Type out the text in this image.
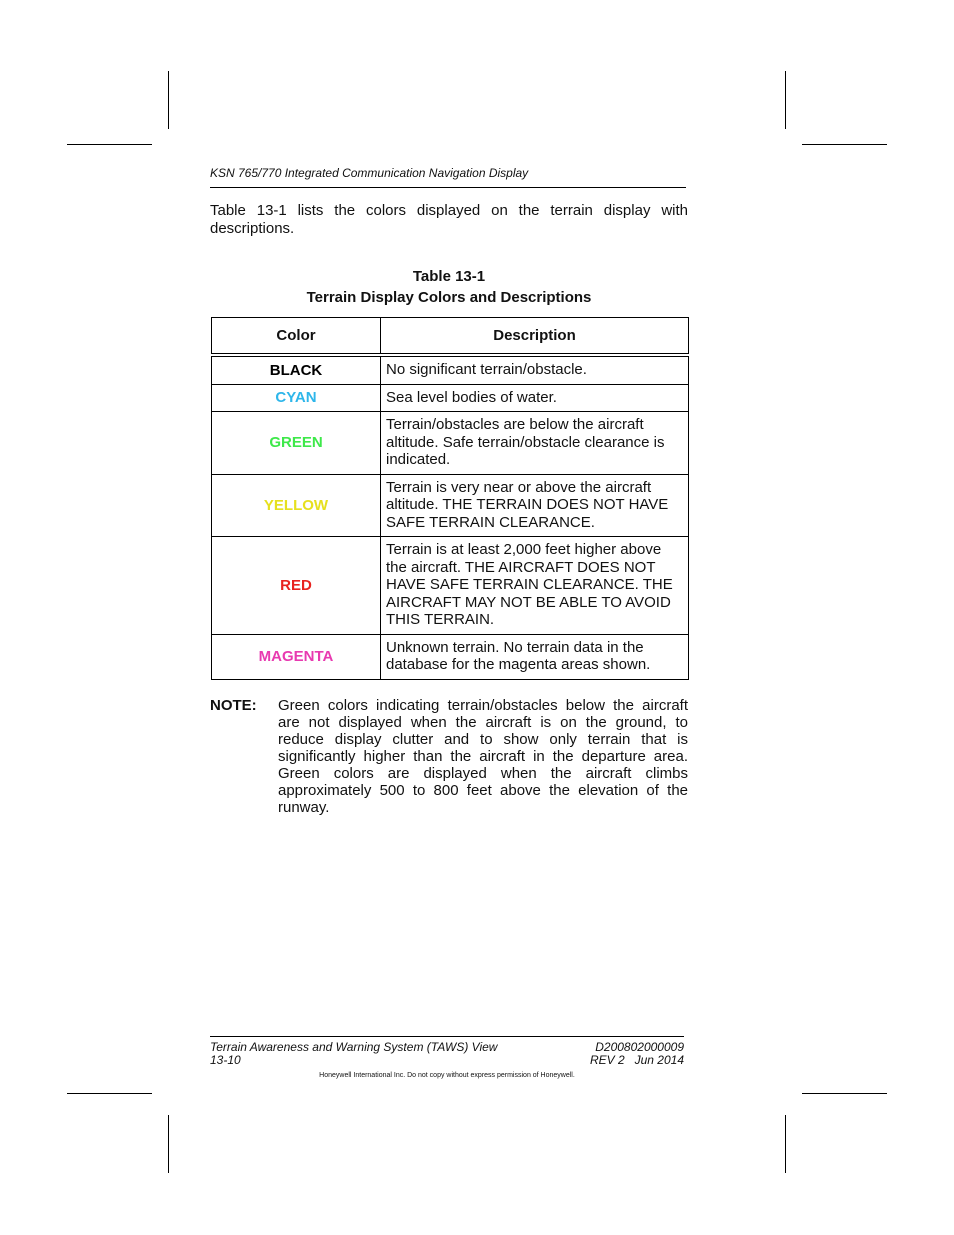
KSN 765/770 Integrated Communication Navigation Display
Table 13-1 lists the colors displayed on the terrain display with descriptions.
Table 13-1
Terrain Display Colors and Descriptions
Color	Description
BLACK	No significant terrain/obstacle.
CYAN	Sea level bodies of water.
GREEN	Terrain/obstacles are below the aircraft altitude. Safe terrain/obstacle clearance is indicated.
YELLOW	Terrain is very near or above the aircraft altitude. THE TERRAIN DOES NOT HAVE SAFE TERRAIN CLEARANCE.
RED	Terrain is at least 2,000 feet higher above the aircraft. THE AIRCRAFT DOES NOT HAVE SAFE TERRAIN CLEARANCE. THE AIRCRAFT MAY NOT BE ABLE TO AVOID THIS TERRAIN.
MAGENTA	Unknown terrain. No terrain data in the database for the magenta areas shown.
NOTE: Green colors indicating terrain/obstacles below the aircraft are not displayed when the aircraft is on the ground, to reduce display clutter and to show only terrain that is significantly higher than the aircraft in the departure area. Green colors are displayed when the aircraft climbs approximately 500 to 800 feet above the elevation of the runway.
Terrain Awareness and Warning System (TAWS) View
13-10
D200802000009
REV 2   Jun 2014
Honeywell International Inc. Do not copy without express permission of Honeywell.
